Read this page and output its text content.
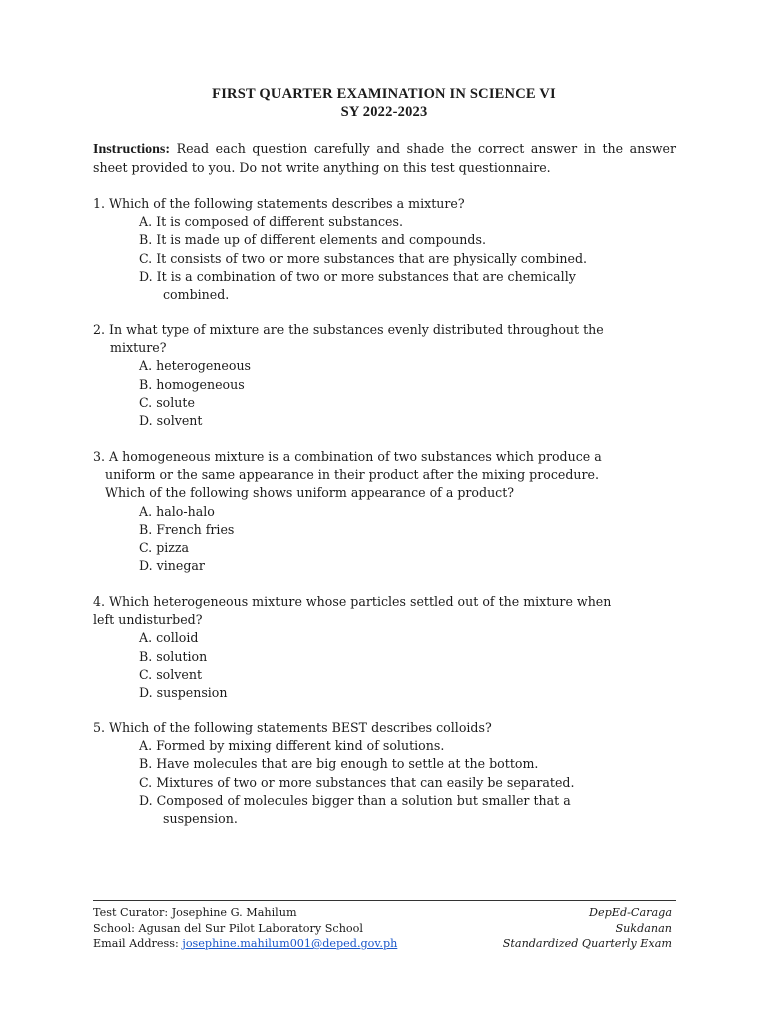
FIRST QUARTER EXAMINATION IN SCIENCE VI
SY 2022-2023
Instructions: Read each question carefully and shade the correct answer in the answer sheet provided to you. Do not write anything on this test questionnaire.

1. Which of the following statements describes a mixture?

A. It is composed of different substances.
B. It is made up of different elements and compounds.
C. It consists of two or more substances that are physically combined.
D. It is a combination of two or more substances that are chemically
combined.

2. In what type of mixture are the substances evenly distributed throughout the
mixture?

A. heterogeneous
B. homogeneous
C. solute
D. solvent

3. A homogeneous mixture is a combination of two substances which produce a
uniform or the same appearance in their product after the mixing procedure.
Which of the following shows uniform appearance of a product?

A. halo-halo
B. French fries
C. pizza
D. vinegar

4. Which heterogeneous mixture whose particles settled out of the mixture when
left undisturbed?

A. colloid
B. solution
C. solvent
D. suspension

5. Which of the following statements BEST describes colloids?

A. Formed by mixing different kind of solutions.
B. Have molecules that are big enough to settle at the bottom.
C. Mixtures of two or more substances that can easily be separated.
D. Composed of molecules bigger than a solution but smaller that a
suspension.
Test Curator: Josephine G. Mahilum
School: Agusan del Sur Pilot Laboratory School
Email Address: josephine.mahilum001@deped.gov.ph
DepEd-Caraga
Sukdanan
Standardized Quarterly Exam
